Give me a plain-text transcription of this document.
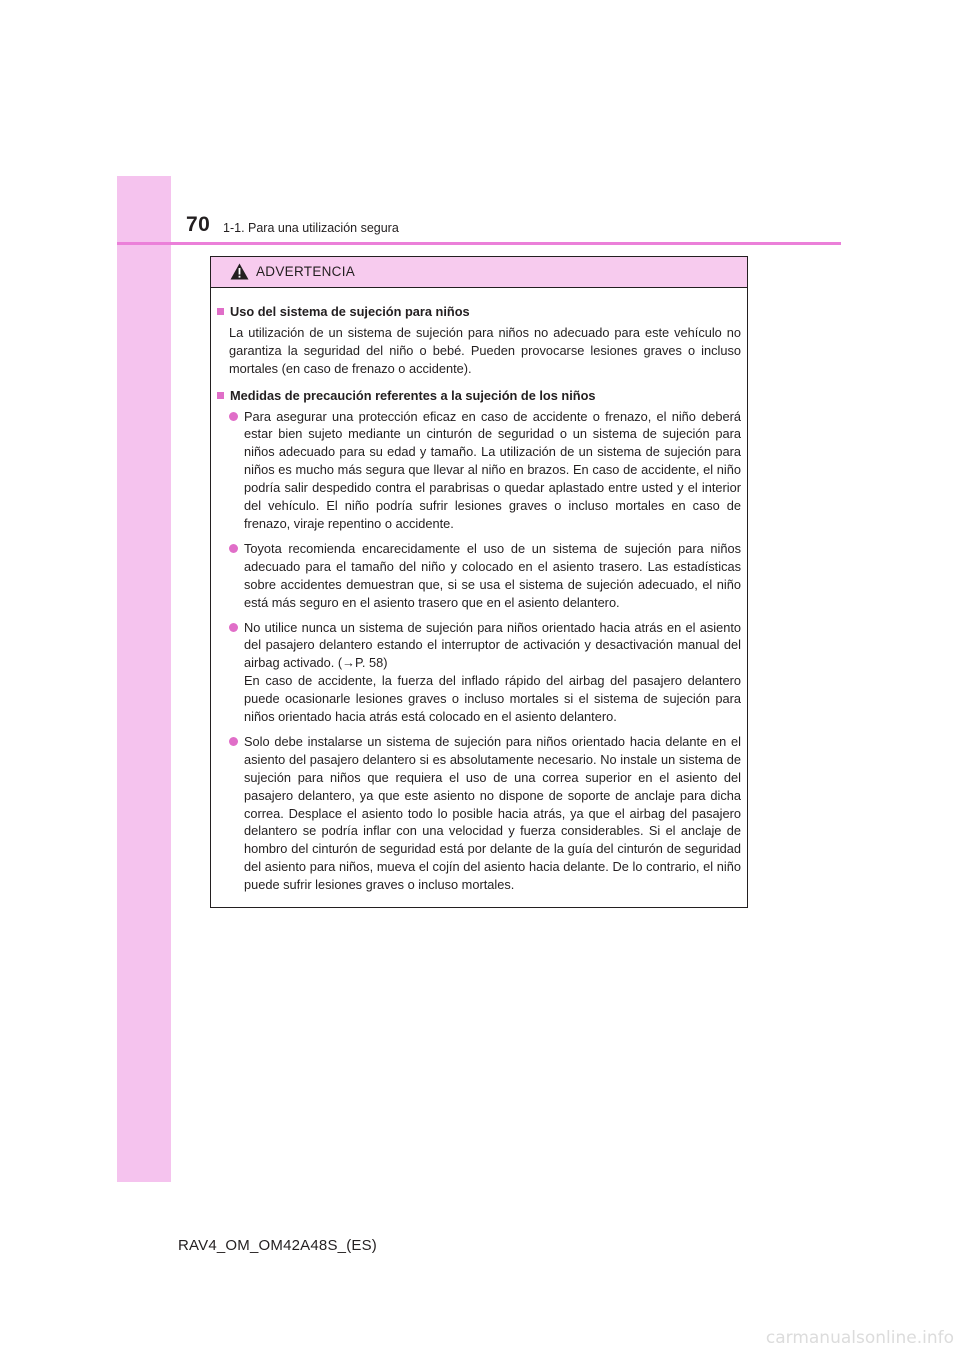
70 1-1. Para una utilización segura
ADVERTENCIA
Uso del sistema de sujeción para niños
La utilización de un sistema de sujeción para niños no adecuado para este vehículo no garantiza la seguridad del niño o bebé. Pueden provocarse lesiones graves o incluso mortales (en caso de frenazo o accidente).
Medidas de precaución referentes a la sujeción de los niños
Para asegurar una protección eficaz en caso de accidente o frenazo, el niño deberá estar bien sujeto mediante un cinturón de seguridad o un sistema de sujeción para niños adecuado para su edad y tamaño. La utilización de un sistema de sujeción para niños es mucho más segura que llevar al niño en brazos. En caso de accidente, el niño podría salir despedido contra el parabrisas o quedar aplastado entre usted y el interior del vehículo. El niño podría sufrir lesiones graves o incluso mortales en caso de frenazo, viraje repentino o accidente.
Toyota recomienda encarecidamente el uso de un sistema de sujeción para niños adecuado para el tamaño del niño y colocado en el asiento trasero. Las estadísticas sobre accidentes demuestran que, si se usa el sistema de sujeción adecuado, el niño está más seguro en el asiento trasero que en el asiento delantero.

No utilice nunca un sistema de sujeción para niños orientado hacia atrás en el asiento del pasajero delantero estando el interruptor de activación y desactivación manual del airbag activado. (→P. 58)

En caso de accidente, la fuerza del inflado rápido del airbag del pasajero delantero puede ocasionarle lesiones graves o incluso mortales si el sistema de sujeción para niños orientado hacia atrás está colocado en el asiento delantero.

Solo debe instalarse un sistema de sujeción para niños orientado hacia delante en el asiento del pasajero delantero si es absolutamente necesario. No instale un sistema de sujeción para niños que requiera el uso de una correa superior en el asiento del pasajero delantero, ya que este asiento no dispone de soporte de anclaje para dicha correa. Desplace el asiento todo lo posible hacia atrás, ya que el airbag del pasajero delantero se podría inflar con una velocidad y fuerza considerables. Si el anclaje de hombro del cinturón de seguridad está por delante de la guía del cinturón de seguridad del asiento para niños, mueva el cojín del asiento hacia delante. De lo contrario, el niño puede sufrir lesiones graves o incluso mortales.
RAV4_OM_OM42A48S_(ES)
carmanualsonline.info
